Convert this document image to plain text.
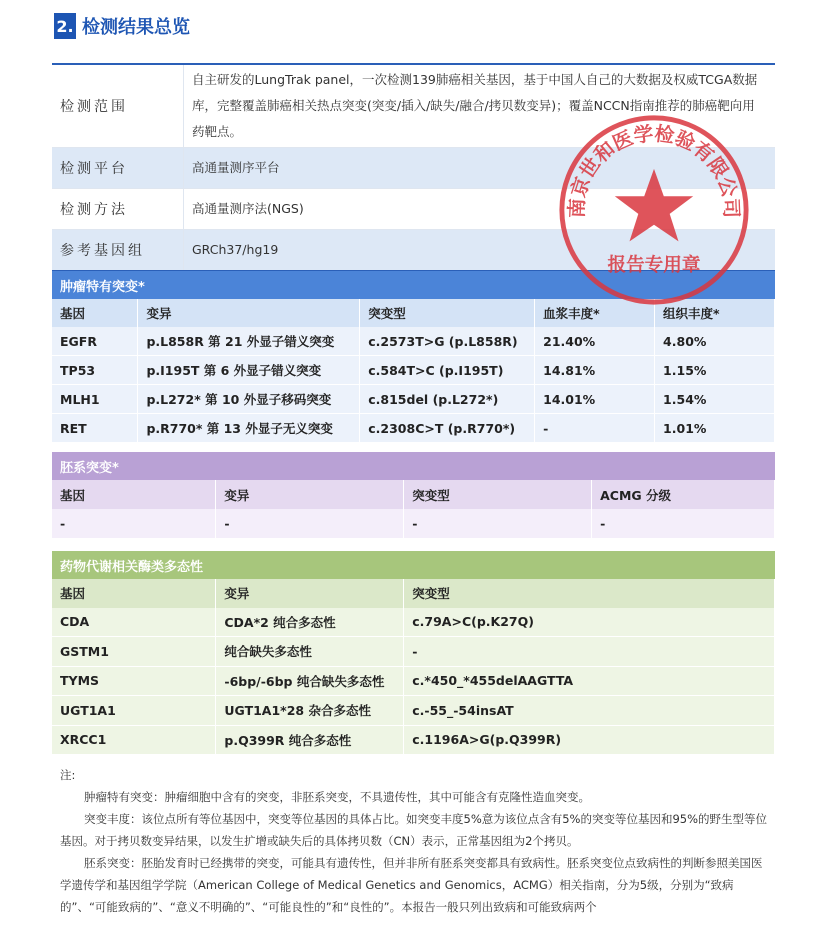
2. 检测结果总览
检测范围	自主研发的LungTrak panel，一次检测139肺癌相关基因，基于中国人自己的大数据及权威TCGA数据库，完整覆盖肺癌相关热点突变(突变/插入/缺失/融合/拷贝数变异)；覆盖NCCN指南推荐的肺癌靶向用药靶点。
检测平台	高通量测序平台
检测方法	高通量测序法(NGS)
参考基因组	GRCh37/hg19
肿瘤特有突变*
基因	变异	突变型	血浆丰度*	组织丰度*
EGFR	p.L858R 第 21 外显子错义突变	c.2573T>G (p.L858R)	21.40%	4.80%
TP53	p.I195T 第 6 外显子错义突变	c.584T>C (p.I195T)	14.81%	1.15%
MLH1	p.L272* 第 10 外显子移码突变	c.815del (p.L272*)	14.01%	1.54%
RET	p.R770* 第 13 外显子无义突变	c.2308C>T (p.R770*)	-	1.01%
胚系突变*
基因	变异	突变型	ACMG 分级
-	-	-	-
药物代谢相关酶类多态性
基因	变异	突变型
CDA	CDA*2 纯合多态性	c.79A>C(p.K27Q)
GSTM1	纯合缺失多态性	-
TYMS	-6bp/-6bp 纯合缺失多态性	c.*450_*455delAAGTTA
UGT1A1	UGT1A1*28 杂合多态性	c.-55_-54insAT
XRCC1	p.Q399R 纯合多态性	c.1196A>G(p.Q399R)

注:

肿瘤特有突变：肿瘤细胞中含有的突变，非胚系突变，不具遗传性，其中可能含有克隆性造血突变。

突变丰度：该位点所有等位基因中，突变等位基因的具体占比。如突变丰度5%意为该位点含有5%的突变等位基因和95%的野生型等位基因。对于拷贝数变异结果，以发生扩增或缺失后的具体拷贝数（CN）表示，正常基因组为2个拷贝。

胚系突变：胚胎发育时已经携带的突变，可能具有遗传性，但并非所有胚系突变都具有致病性。胚系突变位点致病性的判断参照美国医学遗传学和基因组学学院（American College of Medical Genetics and Genomics，ACMG）相关指南，分为5级，分别为“致病的”、“可能致病的”、“意义不明确的”、“可能良性的”和“良性的”。本报告一般只列出致病和可能致病两个

南京世和医学检验有限公司
报告专用章
